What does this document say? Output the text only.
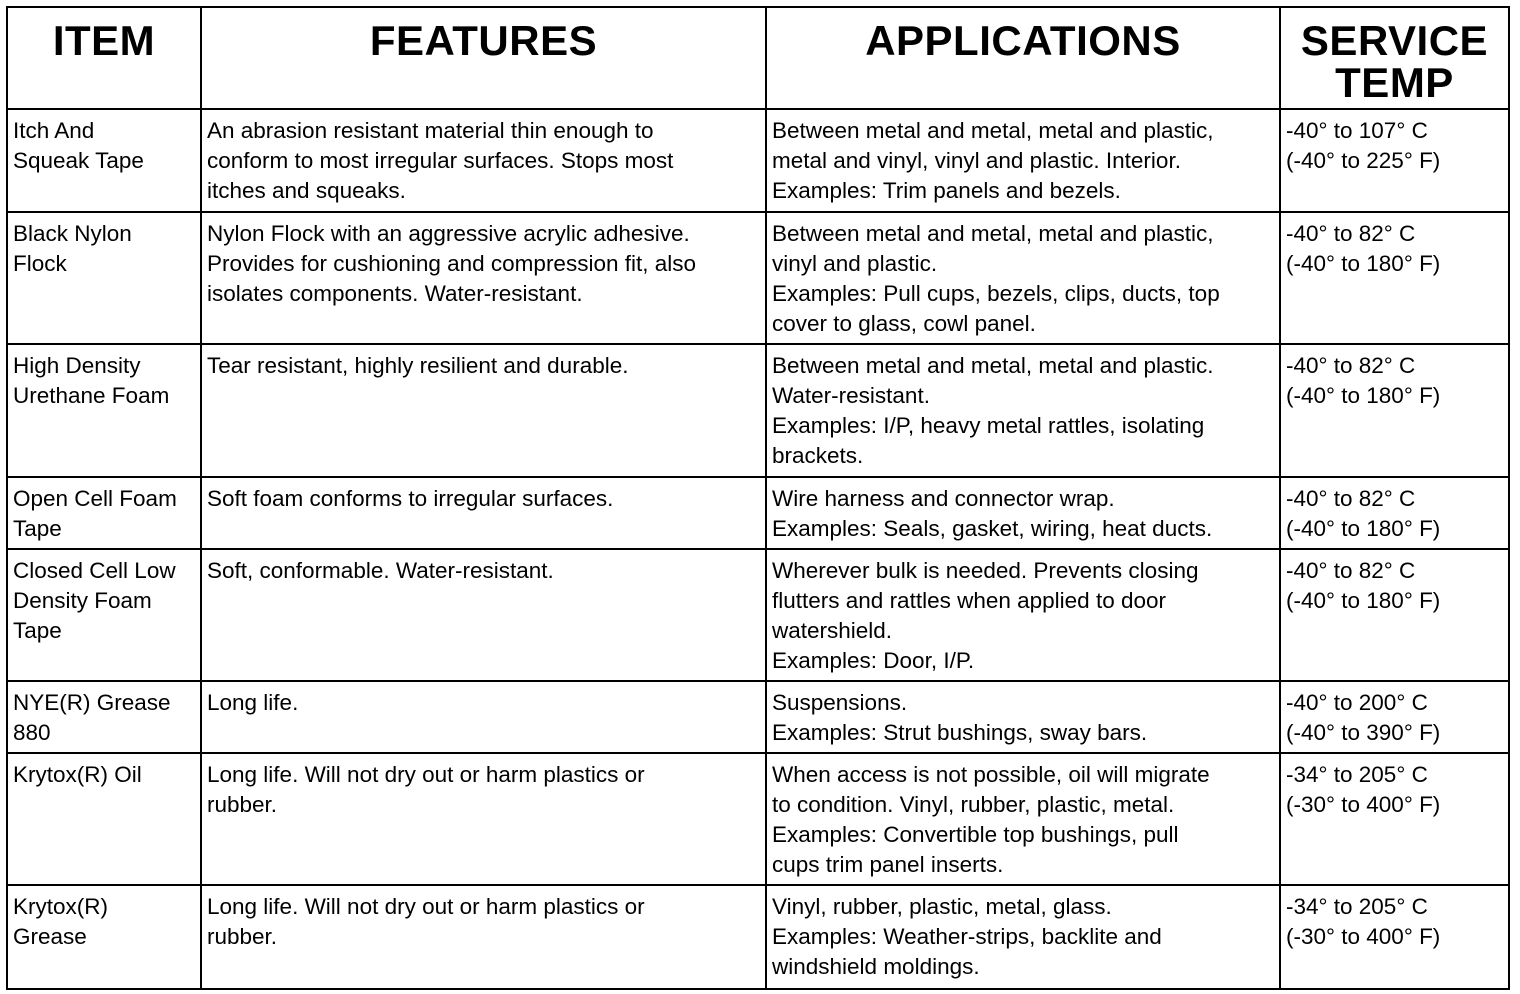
ITEM	FEATURES	APPLICATIONS	SERVICE
TEMP

Itch And
Squeak Tape	An abrasion resistant material thin enough to
conform to most irregular surfaces. Stops most
itches and squeaks.	Between metal and metal, metal and plastic,
metal and vinyl, vinyl and plastic. Interior.
Examples: Trim panels and bezels.	-40° to 107° C
(-40° to 225° F)

Black Nylon
Flock	Nylon Flock with an aggressive acrylic adhesive.
Provides for cushioning and compression fit, also
isolates components. Water-resistant.	Between metal and metal, metal and plastic,
vinyl and plastic.
Examples: Pull cups, bezels, clips, ducts, top
cover to glass, cowl panel.	-40° to 82° C
(-40° to 180° F)

High Density
Urethane Foam	Tear resistant, highly resilient and durable.	Between metal and metal, metal and plastic.
Water-resistant.
Examples: I/P, heavy metal rattles, isolating
brackets.	-40° to 82° C
(-40° to 180° F)

Open Cell Foam
Tape	Soft foam conforms to irregular surfaces.	Wire harness and connector wrap.
Examples: Seals, gasket, wiring, heat ducts.	-40° to 82° C
(-40° to 180° F)

Closed Cell Low
Density Foam
Tape	Soft, conformable. Water-resistant.	Wherever bulk is needed. Prevents closing
flutters and rattles when applied to door
watershield.
Examples: Door, I/P.	-40° to 82° C
(-40° to 180° F)

NYE(R) Grease
880	Long life.	Suspensions.
Examples: Strut bushings, sway bars.	-40° to 200° C
(-40° to 390° F)

Krytox(R) Oil	Long life. Will not dry out or harm plastics or
rubber.	When access is not possible, oil will migrate
to condition. Vinyl, rubber, plastic, metal.
Examples: Convertible top bushings, pull
cups trim panel inserts.	-34° to 205° C
(-30° to 400° F)

Krytox(R)
Grease	Long life. Will not dry out or harm plastics or
rubber.	Vinyl, rubber, plastic, metal, glass.
Examples: Weather-strips, backlite and
windshield moldings.	-34° to 205° C
(-30° to 400° F)
